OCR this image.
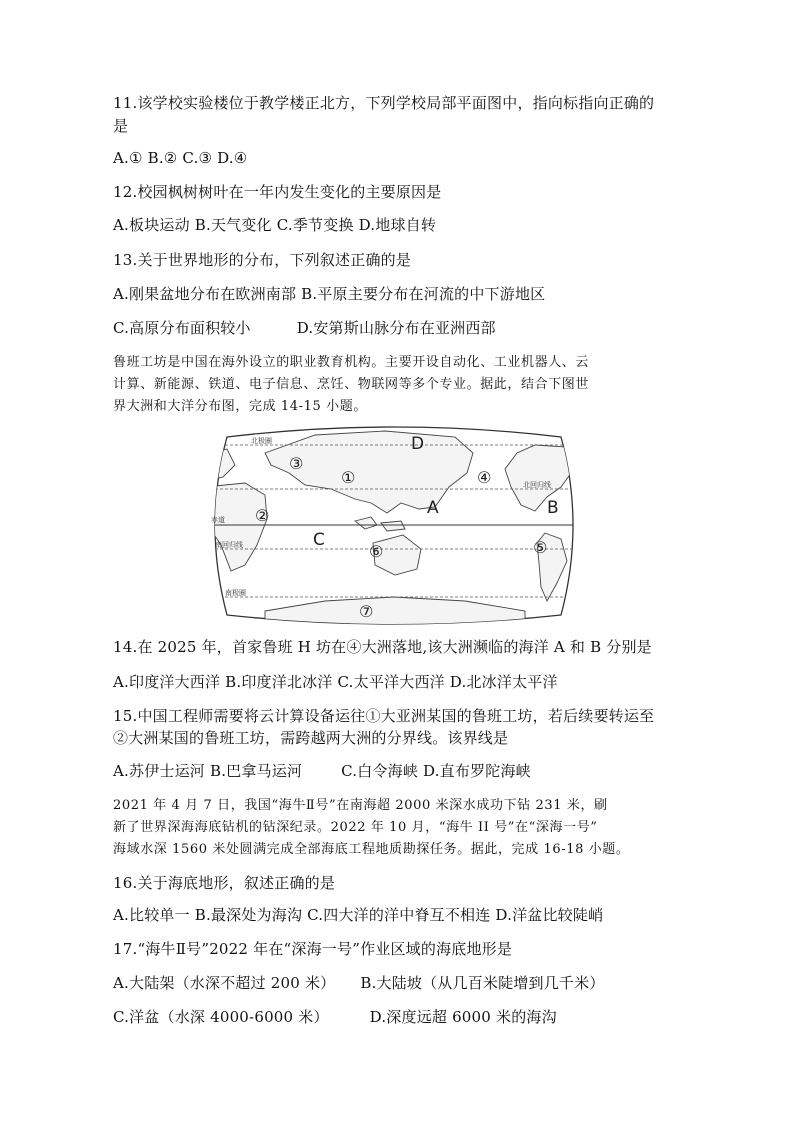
11.该学校实验楼位于教学楼正北方，下列学校局部平面图中，指向标指向正确的
是
A.① B.② C.③ D.④
12.校园枫树树叶在一年内发生变化的主要原因是
A.板块运动 B.天气变化 C.季节变换 D.地球自转
13.关于世界地形的分布，下列叙述正确的是
A.刚果盆地分布在欧洲南部 B.平原主要分布在河流的中下游地区
C.高原分布面积较小	D.安第斯山脉分布在亚洲西部
鲁班工坊是中国在海外设立的职业教育机构。主要开设自动化、工业机器人、云
计算、新能源、铁道、电子信息、烹饪、物联网等多个专业。据此，结合下图世
界大洲和大洋分布图，完成 14-15 小题。
北极圈
北回归线
赤道
南回归线
南极圈
A	B
C
D
①
②
③
④
⑤
⑥
⑦
14.在 2025 年，首家鲁班 H 坊在④大洲落地,该大洲濒临的海洋 A 和 B 分别是
A.印度洋大西洋 B.印度洋北冰洋 C.太平洋大西洋 D.北冰洋太平洋
15.中国工程师需要将云计算设备运往①大亚洲某国的鲁班工坊，若后续要转运至
②大洲某国的鲁班工坊，需跨越两大洲的分界线。该界线是
A.苏伊士运河 B.巴拿马运河	C.白令海峡 D.直布罗陀海峡
2021 年 4 月 7 日，我国“海牛Ⅱ号”在南海超 2000 米深水成功下钻 231 米，刷
新了世界深海海底钻机的钻深纪录。2022 年 10 月，“海牛 II 号”在“深海一号”
海域水深 1560 米处圆满完成全部海底工程地质勘探任务。据此，完成 16-18 小题。
16.关于海底地形，叙述正确的是
A.比较单一 B.最深处为海沟 C.四大洋的洋中脊互不相连 D.洋盆比较陡峭
17.“海牛Ⅱ号”2022 年在“深海一号”作业区域的海底地形是
A.大陆架（水深不超过 200 米） B.大陆坡（从几百米陡增到几千米）
C.洋盆（水深 4000-6000 米）	D.深度远超 6000 米的海沟
